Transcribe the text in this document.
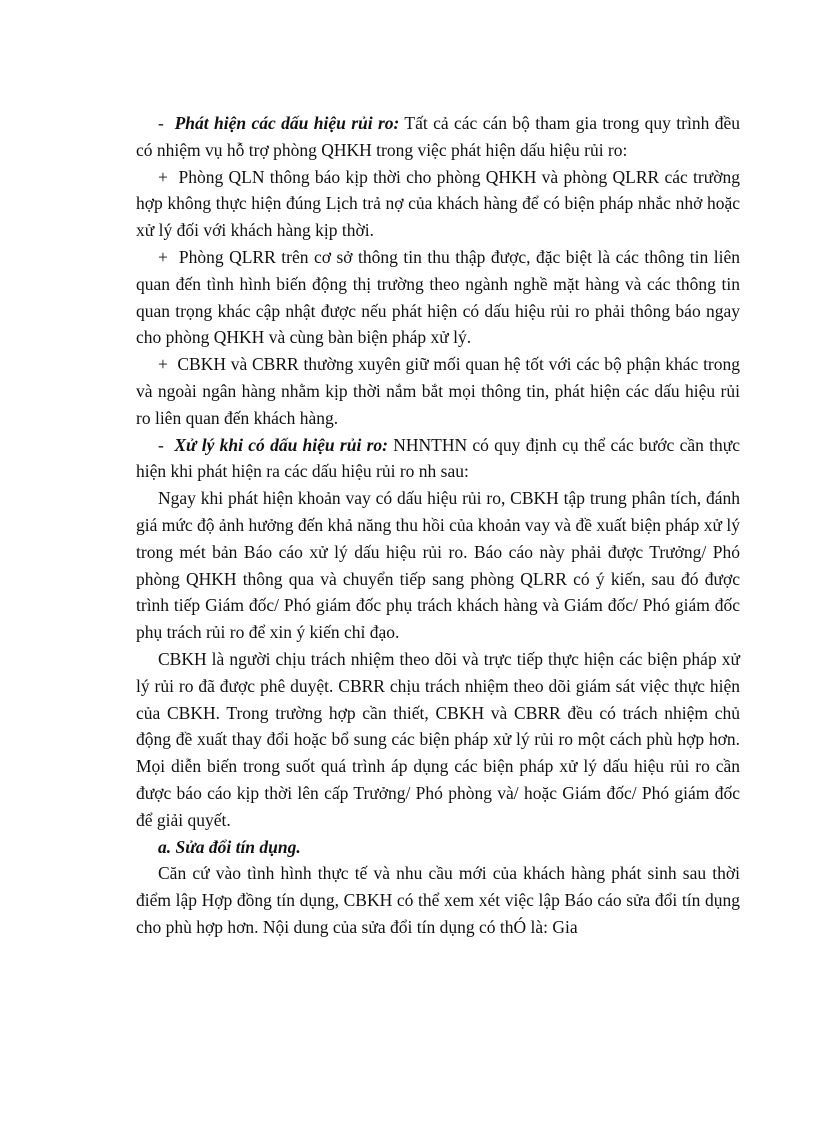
- Phát hiện các dấu hiệu rủi ro: Tất cả các cán bộ tham gia trong quy trình đều có nhiệm vụ hỗ trợ phòng QHKH trong việc phát hiện dấu hiệu rủi ro:

+ Phòng QLN thông báo kịp thời cho phòng QHKH và phòng QLRR các trường hợp không thực hiện đúng Lịch trả nợ của khách hàng để có biện pháp nhắc nhở hoặc xử lý đối với khách hàng kịp thời.

+ Phòng QLRR trên cơ sở thông tin thu thập được, đặc biệt là các thông tin liên quan đến tình hình biến động thị trường theo ngành nghề mặt hàng và các thông tin quan trọng khác cập nhật được nếu phát hiện có dấu hiệu rủi ro phải thông báo ngay cho phòng QHKH và cùng bàn biện pháp xử lý.

+ CBKH và CBRR thường xuyên giữ mối quan hệ tốt với các bộ phận khác trong và ngoài ngân hàng nhằm kịp thời nắm bắt mọi thông tin, phát hiện các dấu hiệu rủi ro liên quan đến khách hàng.

- Xử lý khi có dấu hiệu rủi ro: NHNTHN có quy định cụ thể các bước cần thực hiện khi phát hiện ra các dấu hiệu rủi ro nh sau:

Ngay khi phát hiện khoản vay có dấu hiệu rủi ro, CBKH tập trung phân tích, đánh giá mức độ ảnh hưởng đến khả năng thu hồi của khoản vay và đề xuất biện pháp xử lý trong mét bản Báo cáo xử lý dấu hiệu rủi ro. Báo cáo này phải được Trưởng/ Phó phòng QHKH thông qua và chuyển tiếp sang phòng QLRR có ý kiến, sau đó được trình tiếp Giám đốc/ Phó giám đốc phụ trách khách hàng và Giám đốc/ Phó giám đốc phụ trách rủi ro để xin ý kiến chỉ đạo.

CBKH là người chịu trách nhiệm theo dõi và trực tiếp thực hiện các biện pháp xử lý rủi ro đã được phê duyệt. CBRR chịu trách nhiệm theo dõi giám sát việc thực hiện của CBKH. Trong trường hợp cần thiết, CBKH và CBRR đều có trách nhiệm chủ động đề xuất thay đổi hoặc bổ sung các biện pháp xử lý rủi ro một cách phù hợp hơn. Mọi diễn biến trong suốt quá trình áp dụng các biện pháp xử lý dấu hiệu rủi ro cần được báo cáo kịp thời lên cấp Trưởng/ Phó phòng và/ hoặc Giám đốc/ Phó giám đốc để giải quyết.

a. Sửa đổi tín dụng.

Căn cứ vào tình hình thực tế và nhu cầu mới của khách hàng phát sinh sau thời điểm lập Hợp đồng tín dụng, CBKH có thể xem xét việc lập Báo cáo sửa đổi tín dụng cho phù hợp hơn. Nội dung của sửa đổi tín dụng có thÓ là: Gia
